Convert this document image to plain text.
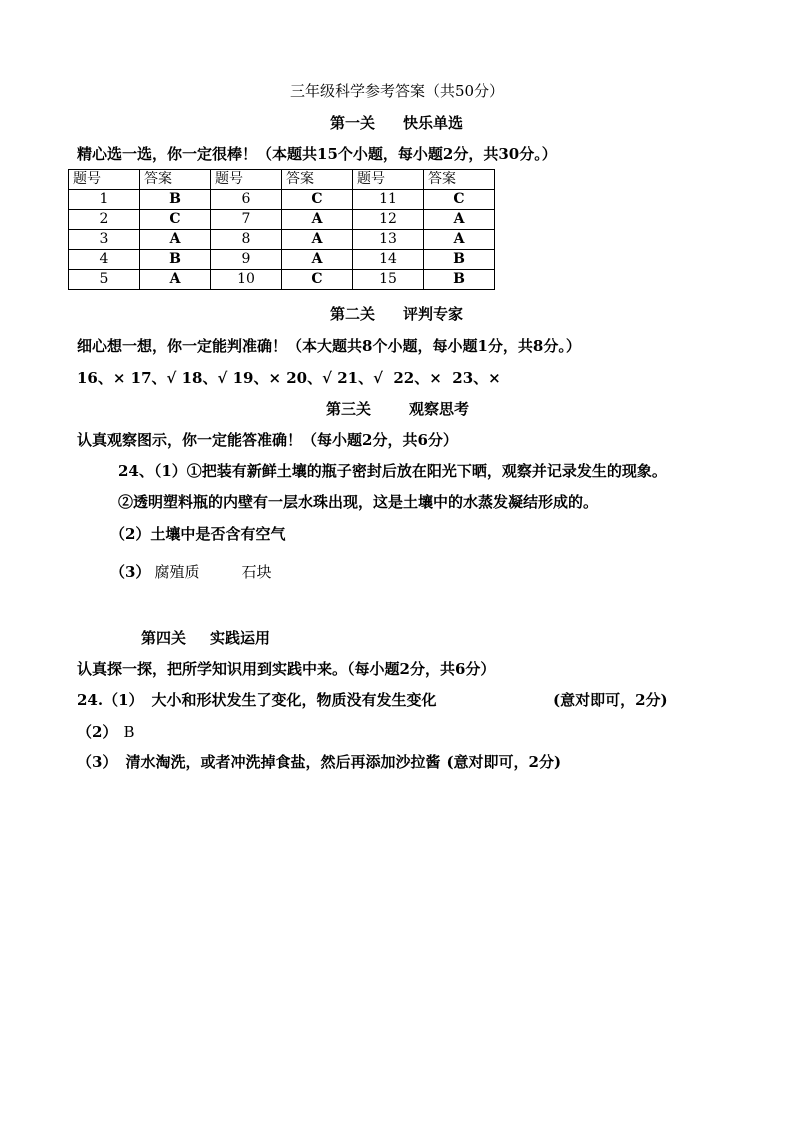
三年级科学参考答案（共50分）
第一关 快乐单选
精心选一选，你一定很棒！（本题共15个小题，每小题2分，共30分。）
题号	答案	题号	答案	题号	答案
1	B	6	C	11	C
2	C	7	A	12	A
3	A	8	A	13	A
4	B	9	A	14	B
5	A	10	C	15	B
第二关 评判专家
细心想一想，你一定能判准确！（本大题共8个小题，每小题1分，共8分。）
16、× 17、√ 18、√ 19、× 20、√ 21、√  22、×  23、×
第三关	观察思考
认真观察图示，你一定能答准确！（每小题2分，共6分）
24、（1）①把装有新鲜土壤的瓶子密封后放在阳光下晒，观察并记录发生的现象。
②透明塑料瓶的内壁有一层水珠出现，这是土壤中的水蒸发凝结形成的。
（2）土壤中是否含有空气
（3） 腐殖质	石块
第四关 实践运用
认真探一探，把所学知识用到实践中来。（每小题2分，共6分）
24.（1） 大小和形状发生了变化，物质没有发生变化	(意对即可，2分)
（2） B
（3） 清水淘洗，或者冲洗掉食盐，然后再添加沙拉酱 (意对即可，2分)
